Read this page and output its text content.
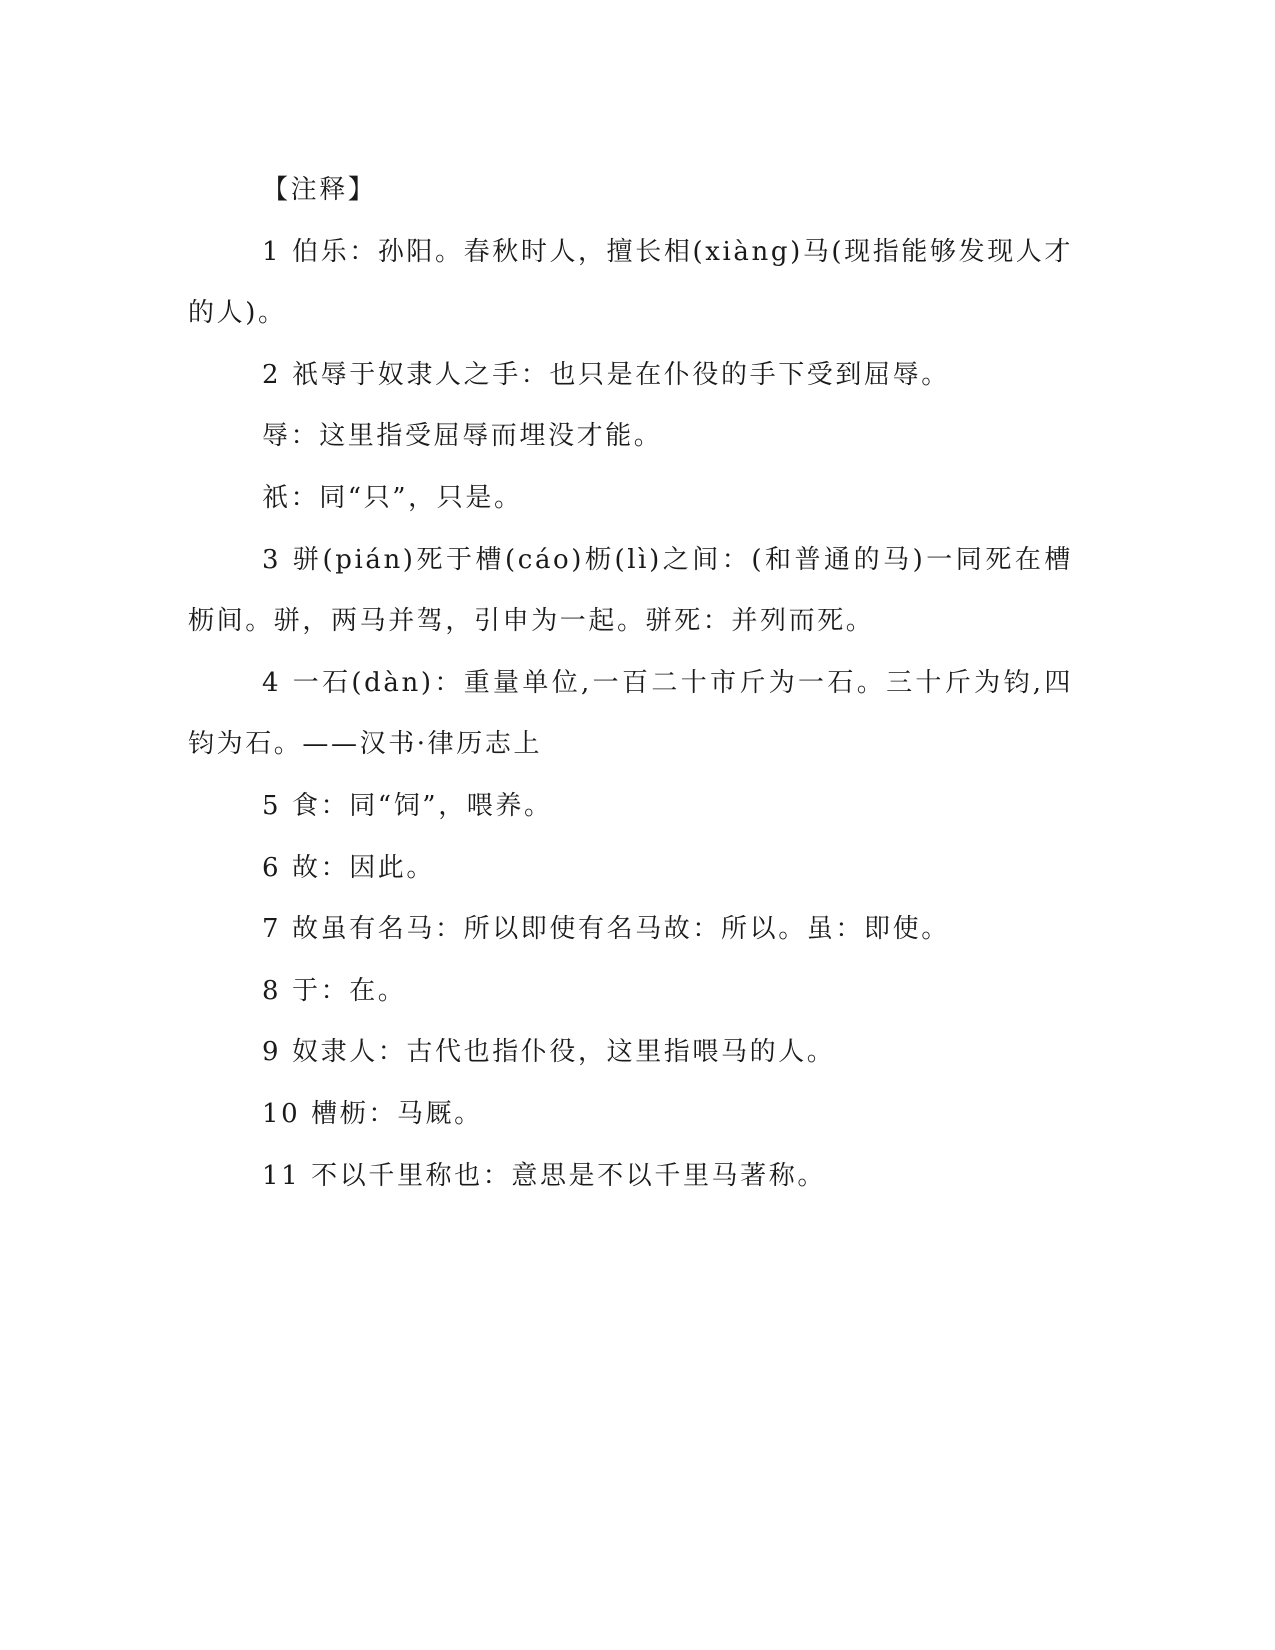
【注释】

1 伯乐：孙阳。春秋时人，擅长相(xiàng)马(现指能够发现人才的人)。

2 祇辱于奴隶人之手：也只是在仆役的手下受到屈辱。

辱：这里指受屈辱而埋没才能。

祇：同“只”，只是。

3 骈(pián)死于槽(cáo)枥(lì)之间：(和普通的马)一同死在槽枥间。骈，两马并驾，引申为一起。骈死：并列而死。

4 一石(dàn)：重量单位,一百二十市斤为一石。三十斤为钧,四钧为石。——汉书·律历志上

5 食：同“饲”，喂养。

6 故：因此。

7 故虽有名马：所以即使有名马故：所以。虽：即使。

8 于：在。

9 奴隶人：古代也指仆役，这里指喂马的人。

10 槽枥：马厩。

11 不以千里称也：意思是不以千里马著称。
